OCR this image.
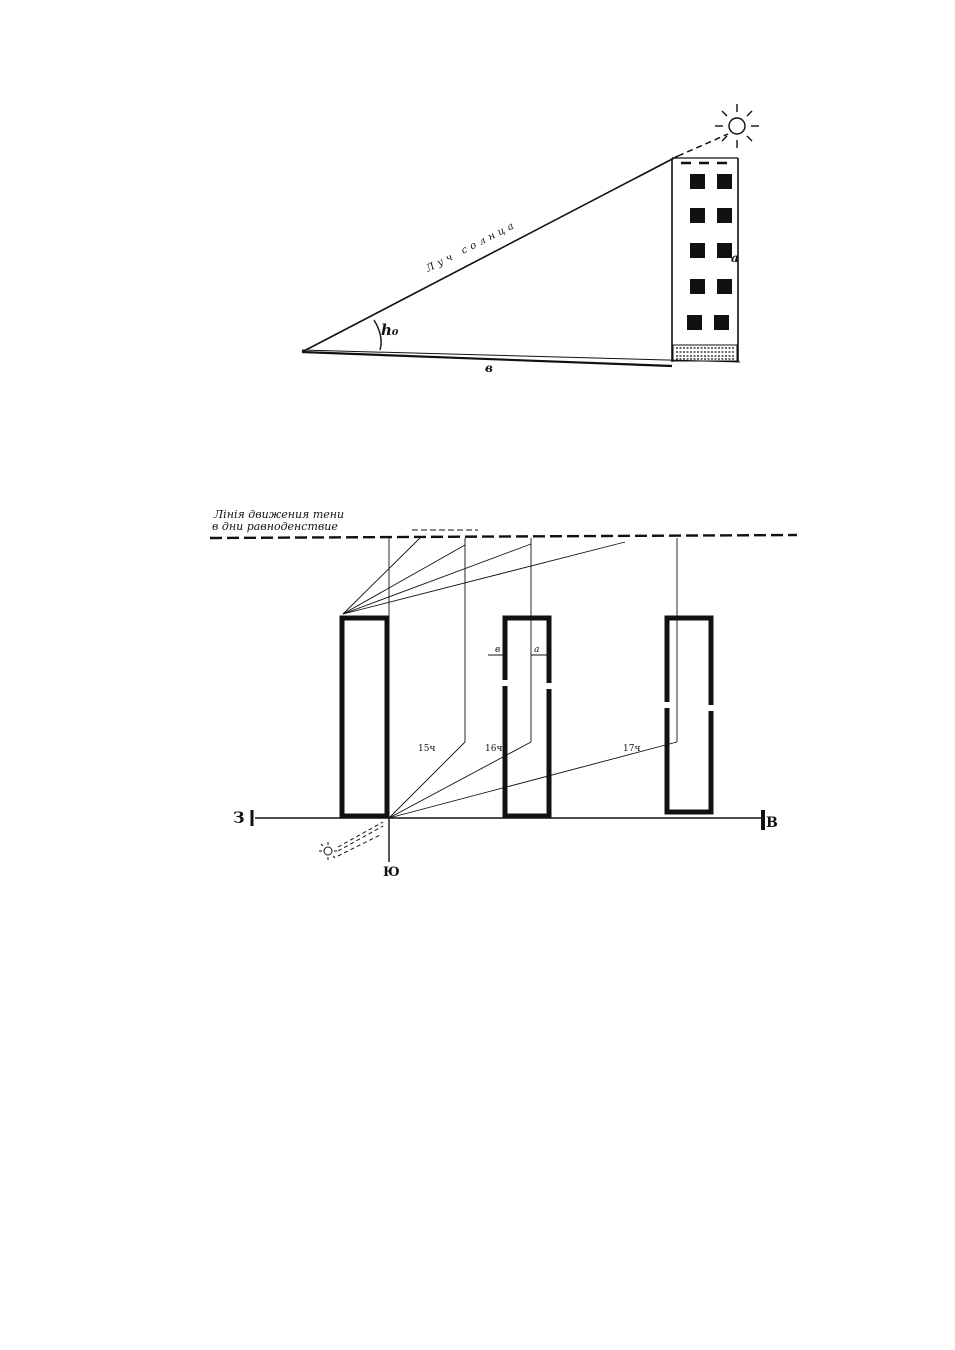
Луч солнца
h₀
a
в
Лінія движения тени
в дни равноденствие
15ч	16ч	17ч
в	а
З	В
Ю
